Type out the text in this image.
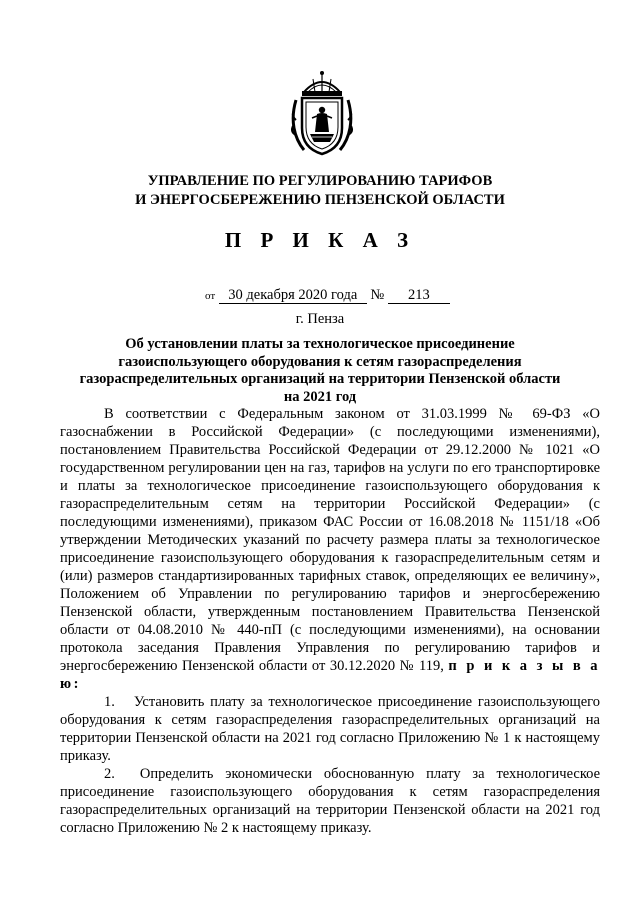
УПРАВЛЕНИЕ ПО РЕГУЛИРОВАНИЮ ТАРИФОВ
И ЭНЕРГОСБЕРЕЖЕНИЮ ПЕНЗЕНСКОЙ ОБЛАСТИ
П Р И К А З
от 30 декабря 2020 года № 213
г. Пенза
Об установлении платы за технологическое присоединение
газоиспользующего оборудования к сетям газораспределения
газораспределительных организаций на территории Пензенской области
на 2021 год

В соответствии с Федеральным законом от 31.03.1999 № 69-ФЗ «О газоснабжении в Российской Федерации» (с последующими изменениями), постановлением Правительства Российской Федерации от 29.12.2000 № 1021 «О государственном регулировании цен на газ, тарифов на услуги по его транспортировке и платы за технологическое присоединение газоиспользующего оборудования к газораспределительным сетям на территории Российской Федерации» (с последующими изменениями), приказом ФАС России от 16.08.2018 № 1151/18 «Об утверждении Методических указаний по расчету размера платы за технологическое присоединение газоиспользующего оборудования к газораспределительным сетям и (или) размеров стандартизированных тарифных ставок, определяющих ее величину», Положением об Управлении по регулированию тарифов и энергосбережению Пензенской области, утвержденным постановлением Правительства Пензенской области от 04.08.2010 № 440-пП (с последующими изменениями), на основании протокола заседания Правления Управления по регулированию тарифов и энергосбережению Пензенской области от 30.12.2020 № 119, п р и к а з ы в а ю:

1. Установить плату за технологическое присоединение газоиспользующего оборудования к сетям газораспределения газораспределительных организаций на территории Пензенской области на 2021 год согласно Приложению № 1 к настоящему приказу.

2. Определить экономически обоснованную плату за технологическое присоединение газоиспользующего оборудования к сетям газораспределения газораспределительных организаций на территории Пензенской области на 2021 год согласно Приложению № 2 к настоящему приказу.
